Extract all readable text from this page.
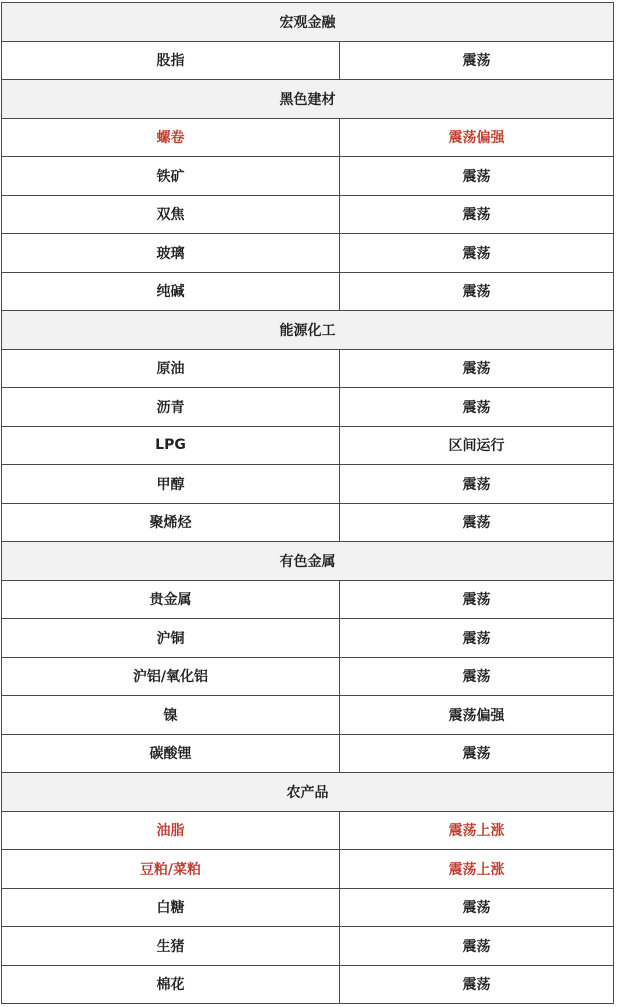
宏观金融	
股指	震荡
黑色建材	
螺卷	震荡偏强
铁矿	震荡
双焦	震荡
玻璃	震荡
纯碱	震荡
能源化工	
原油	震荡
沥青	震荡
LPG	区间运行
甲醇	震荡
聚烯烃	震荡
有色金属	
贵金属	震荡
沪铜	震荡
沪铝/氧化铝	震荡
镍	震荡偏强
碳酸锂	震荡
农产品	
油脂	震荡上涨
豆粕/菜粕	震荡上涨
白糖	震荡
生猪	震荡
棉花	震荡
